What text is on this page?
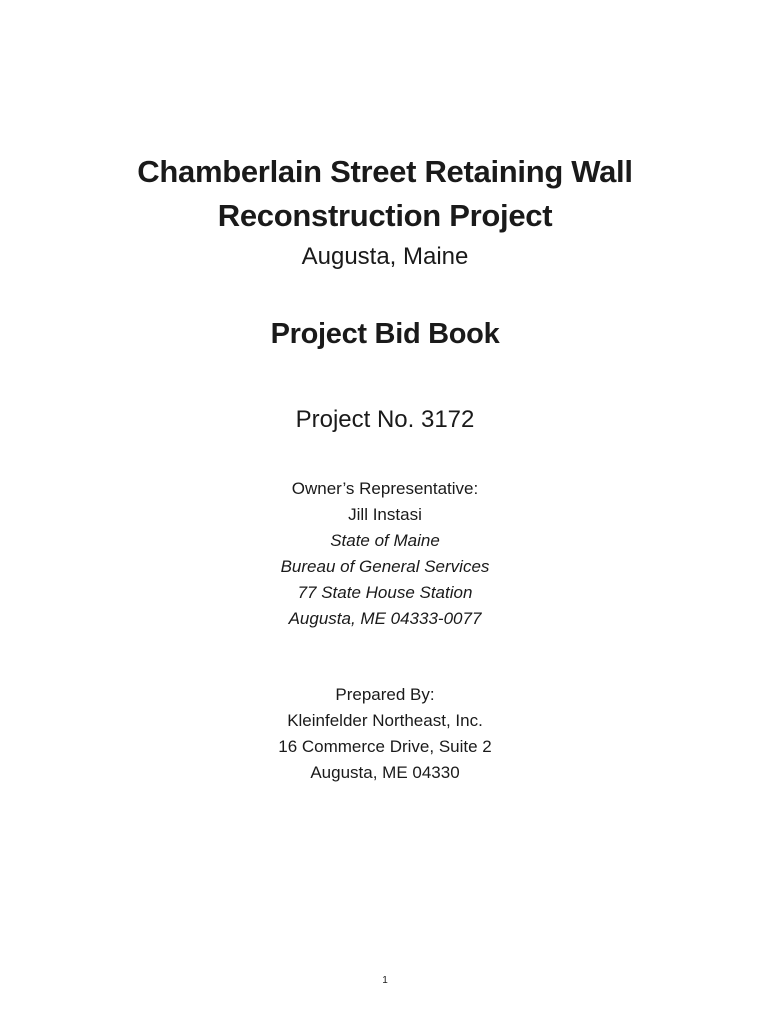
Chamberlain Street Retaining Wall
Reconstruction Project
Augusta, Maine
Project Bid Book
Project No. 3172
Owner’s Representative:
Jill Instasi
State of Maine
Bureau of General Services
77 State House Station
Augusta, ME 04333-0077
Prepared By:
Kleinfelder Northeast, Inc.
16 Commerce Drive, Suite 2
Augusta, ME 04330
1
